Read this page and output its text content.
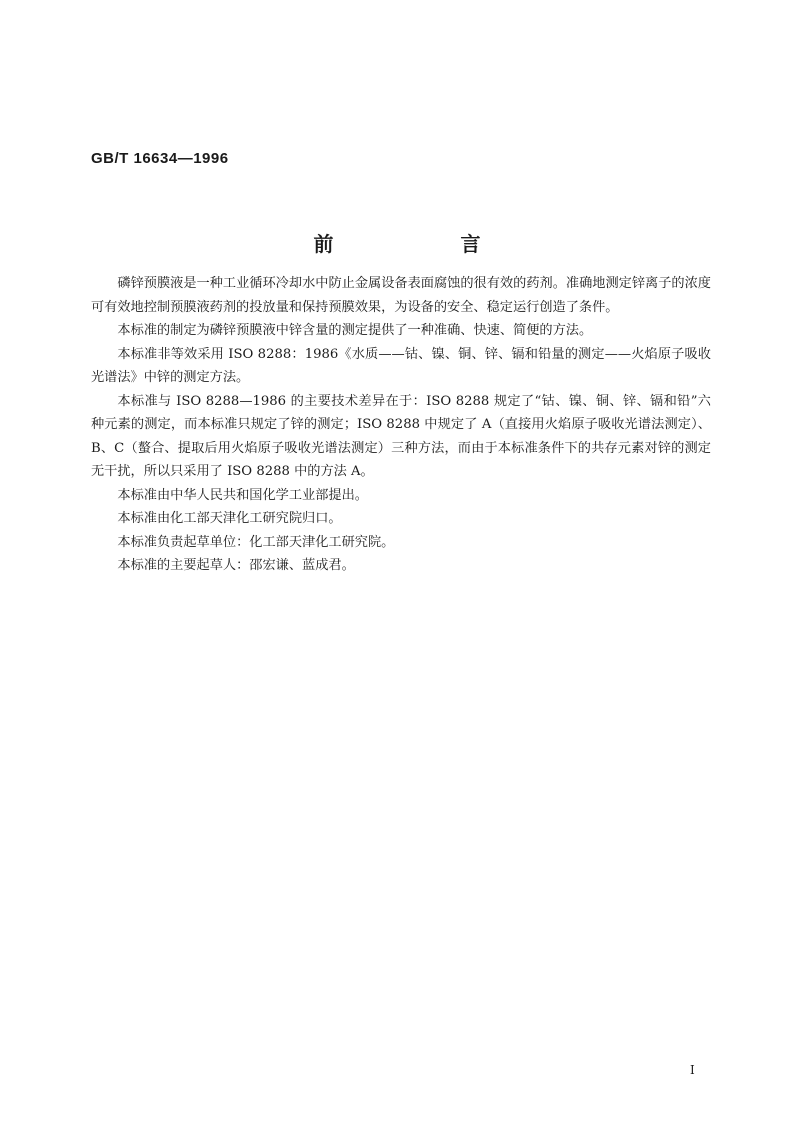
GB/T 16634—1996
前 言

磷锌预膜液是一种工业循环冷却水中防止金属设备表面腐蚀的很有效的药剂。准确地测定锌离子的浓度可有效地控制预膜液药剂的投放量和保持预膜效果，为设备的安全、稳定运行创造了条件。

本标准的制定为磷锌预膜液中锌含量的测定提供了一种准确、快速、简便的方法。

本标准非等效采用 ISO 8288：1986《水质——钴、镍、铜、锌、镉和铅量的测定——火焰原子吸收光谱法》中锌的测定方法。

本标准与 ISO 8288—1986 的主要技术差异在于：ISO 8288 规定了“钴、镍、铜、锌、镉和铅”六种元素的测定，而本标准只规定了锌的测定；ISO 8288 中规定了 A（直接用火焰原子吸收光谱法测定）、B、C（螯合、提取后用火焰原子吸收光谱法测定）三种方法，而由于本标准条件下的共存元素对锌的测定无干扰，所以只采用了 ISO 8288 中的方法 A。

本标准由中华人民共和国化学工业部提出。

本标准由化工部天津化工研究院归口。

本标准负责起草单位：化工部天津化工研究院。

本标准的主要起草人：邵宏谦、蓝成君。

I
